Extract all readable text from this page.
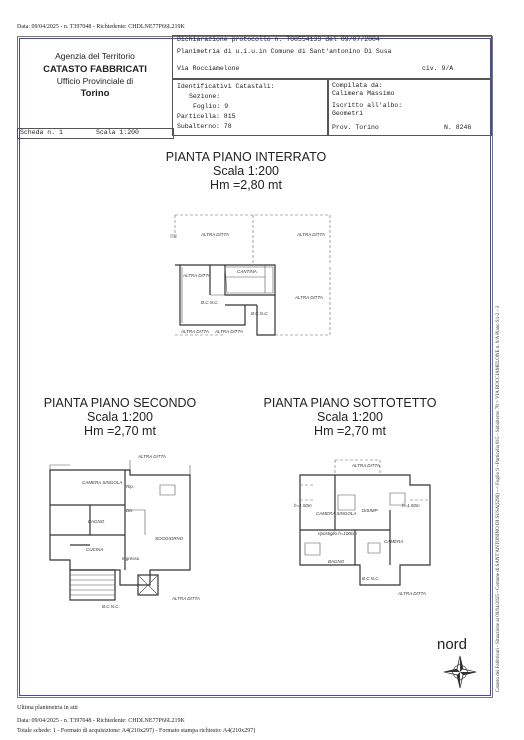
Data: 09/04/2025 - n. T397048 - Richiedente: CHDLNE77P66L219K
Agenzia del Territorio
CATASTO FABBRICATI
Ufficio Provinciale di
Torino
Dichiarazione protocollo n. TO0554133 del 09/07/2004
Planimetria di u.i.u.in Comune di Sant'antonino Di Susa
Via Rocciamelone	civ. 9/A
Identificativi Catastali:
Sezione:
Foglio: 9
Particella: 815
Subalterno: 78
Compilata da:
Calimera Massimo
Iscritto all'albo:
Geometri
Prov. Torino	N. 8246
Scheda n. 1	Scala 1:200
PIANTA PIANO INTERRATO
Scala 1:200
Hm =2,80 mt
PIANTA PIANO SECONDO
Scala 1:200
Hm =2,70 mt
PIANTA PIANO SOTTOTETTO
Scala 1:200
Hm =2,70 mt
ALTRA DITTA	ALTRA DITTA
ALTRA DITTA
CANTINA
ALTRA DITTA
B.C.N.C.
B.C.N.C.
ALTRA DITTA ALTRA DITTA
ALTRA DITTA
CAMERA SINGOLA
Rip.
Dis
BAGNO
SOGGIORNO
CUCINA
Ingresso
ALTRA DITTA
B.C.N.C.
ALTRA DITTA
h=1.50m	h=1.50m
CAMERA SINGOLA
DISIMP
ripostiglio h=100cm
CAMERA
BAGNO
B.C.N.C.
ALTRA DITTA
nord	Catasto dei Fabbricati - Situazione al 09/04/2025 - Comune di SANT'ANTONINO DI SUSA(I296) - < Foglio 9 - Particella 815 - Subalterno 78 > VIA ROCCIAMELONE n. 9/A Piano S1-2 - 3
Ultima planimetria in atti
Data: 09/04/2025 - n. T397048 - Richiedente: CHDLNE77P66L219K
Totale schede: 1 - Formato di acquisizione: A4(210x297) - Formato stampa richiesto: A4(210x297)
